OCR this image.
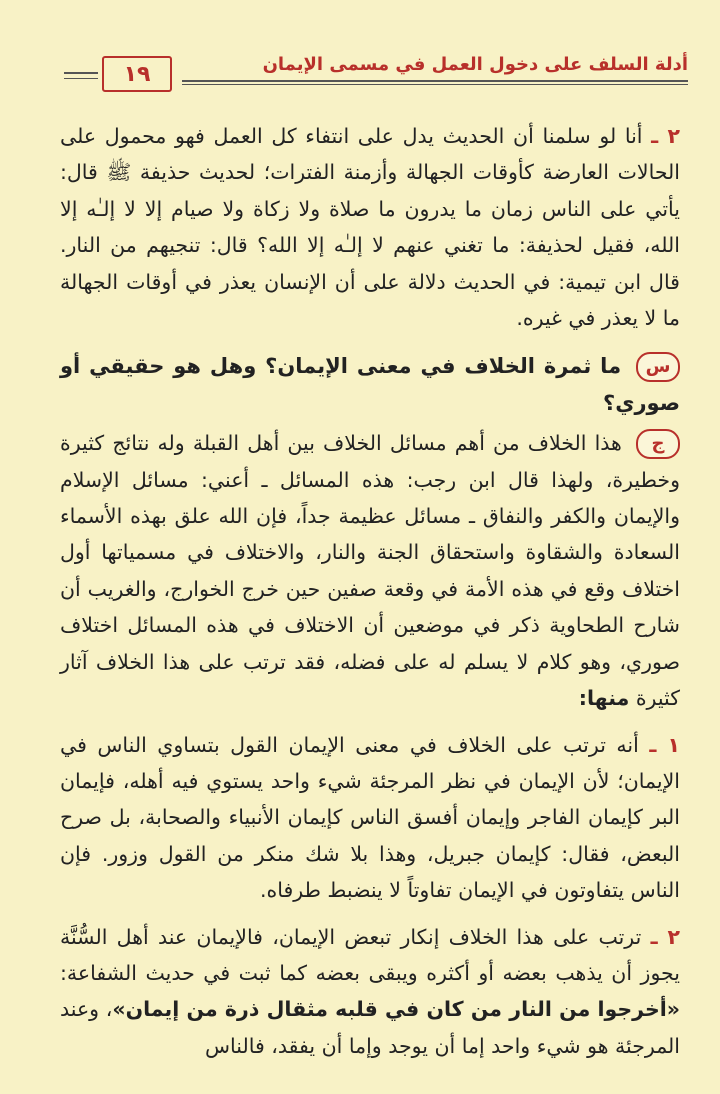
أدلة السلف على دخول العمل في مسمى الإيمان
١٩

٢ ـ أنا لو سلمنا أن الحديث يدل على انتفاء كل العمل فهو محمول على الحالات العارضة كأوقات الجهالة وأزمنة الفترات؛ لحديث حذيفة ﷺ قال: يأتي على الناس زمان ما يدرون ما صلاة ولا زكاة ولا صيام إلا لا إلـٰه إلا الله، فقيل لحذيفة: ما تغني عنهم لا إلـٰه إلا الله؟ قال: تنجيهم من النار. قال ابن تيمية: في الحديث دلالة على أن الإنسان يعذر في أوقات الجهالة ما لا يعذر في غيره.

س ما ثمرة الخلاف في معنى الإيمان؟ وهل هو حقيقي أو صوري؟

ج هذا الخلاف من أهم مسائل الخلاف بين أهل القبلة وله نتائج كثيرة وخطيرة، ولهذا قال ابن رجب: هذه المسائل ـ أعني: مسائل الإسلام والإيمان والكفر والنفاق ـ مسائل عظيمة جداً، فإن الله علق بهذه الأسماء السعادة والشقاوة واستحقاق الجنة والنار، والاختلاف في مسمياتها أول اختلاف وقع في هذه الأمة في وقعة صفين حين خرج الخوارج، والغريب أن شارح الطحاوية ذكر في موضعين أن الاختلاف في هذه المسائل اختلاف صوري، وهو كلام لا يسلم له على فضله، فقد ترتب على هذا الخلاف آثار كثيرة منها:

١ ـ أنه ترتب على الخلاف في معنى الإيمان القول بتساوي الناس في الإيمان؛ لأن الإيمان في نظر المرجئة شيء واحد يستوي فيه أهله، فإيمان البر كإيمان الفاجر وإيمان أفسق الناس كإيمان الأنبياء والصحابة، بل صرح البعض، فقال: كإيمان جبريل، وهذا بلا شك منكر من القول وزور. فإن الناس يتفاوتون في الإيمان تفاوتاً لا ينضبط طرفاه.

٢ ـ ترتب على هذا الخلاف إنكار تبعض الإيمان، فالإيمان عند أهل السُّنَّة يجوز أن يذهب بعضه أو أكثره ويبقى بعضه كما ثبت في حديث الشفاعة: «أخرجوا من النار من كان في قلبه مثقال ذرة من إيمان»، وعند المرجئة هو شيء واحد إما أن يوجد وإما أن يفقد، فالناس
